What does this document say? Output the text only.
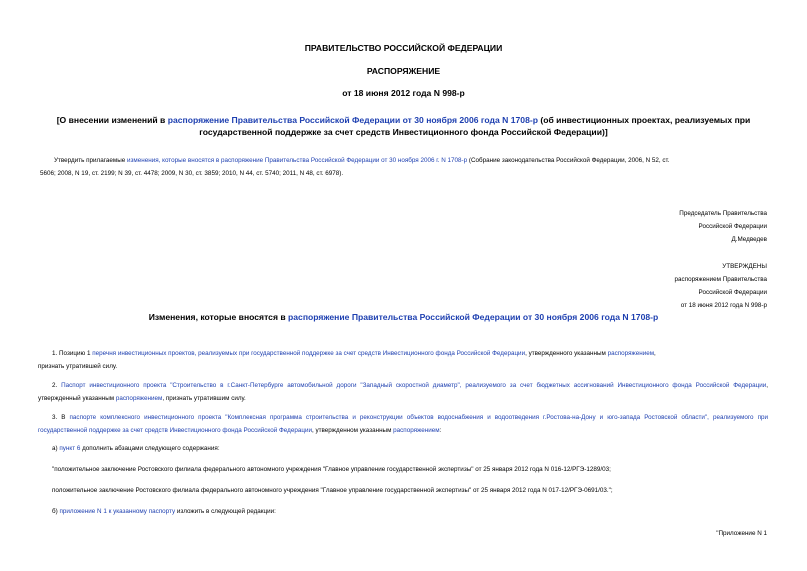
ПРАВИТЕЛЬСТВО РОССИЙСКОЙ ФЕДЕРАЦИИ
РАСПОРЯЖЕНИЕ
от 18 июня 2012 года N 998-р
[О внесении изменений в распоряжение Правительства Российской Федерации от 30 ноября 2006 года N 1708-р (об инвестиционных проектах, реализуемых при
государственной поддержке за счет средств Инвестиционного фонда Российской Федерации)]
Утвердить прилагаемые изменения, которые вносятся в распоряжение Правительства Российской Федерации от 30 ноября 2006 г. N 1708-р (Собрание законодательства Российской Федерации, 2006, N 52, ст.
5606; 2008, N 19, ст. 2199; N 39, ст. 4478; 2009, N 30, ст. 3859; 2010, N 44, ст. 5740; 2011, N 48, ст. 6978).
Председатель Правительства
Российской Федерации
Д.Медведев
УТВЕРЖДЕНЫ
распоряжением Правительства
Российской Федерации
от 18 июня 2012 года N 998-р
Изменения, которые вносятся в распоряжение Правительства Российской Федерации от 30 ноября 2006 года N 1708-р
1. Позицию 1 перечня инвестиционных проектов, реализуемых при государственной поддержке за счет средств Инвестиционного фонда Российской Федерации, утвержденного указанным распоряжением,
признать утратившей силу.
2. Паспорт инвестиционного проекта "Строительство в г.Санкт-Петербурге автомобильной дороги "Западный скоростной диаметр", реализуемого за счет бюджетных ассигнований Инвестиционного фонда Российской Федерации, утвержденный указанным распоряжением, признать утратившим силу.
3. В паспорте комплексного инвестиционного проекта "Комплексная программа строительства и реконструкции объектов водоснабжения и водоотведения г.Ростова-на-Дону и юго-запада Ростовской области", реализуемого при государственной поддержке за счет средств Инвестиционного фонда Российской Федерации, утвержденном указанным распоряжением:
а) пункт 6 дополнить абзацами следующего содержания:
"положительное заключение Ростовского филиала федерального автономного учреждения "Главное управление государственной экспертизы" от 25 января 2012 года N 016-12/РГЭ-1289/03;
положительное заключение Ростовского филиала федерального автономного учреждения "Главное управление государственной экспертизы" от 25 января 2012 года N 017-12/РГЭ-0691/03.";
б) приложение N 1 к указанному паспорту изложить в следующей редакции:
"Приложение N 1
